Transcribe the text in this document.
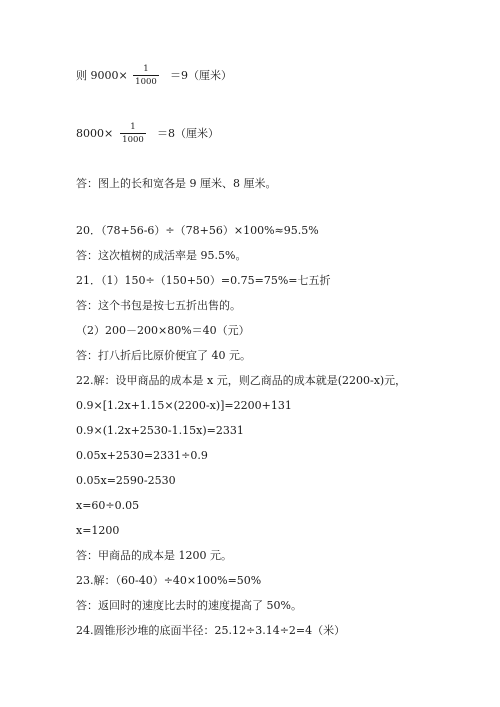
则 9000×	1
1000 ＝9（厘米）
8000×	1
1000 ＝8（厘米）
答：图上的长和宽各是 9 厘米、8 厘米。
20．（78+56-6）÷（78+56）×100%≈95.5%
答：这次植树的成活率是 95.5%。
21．（1）150÷（150+50）=0.75=75%=七五折
答：这个书包是按七五折出售的。
（2）200－200×80%＝40（元）
答：打八折后比原价便宜了 40 元。
22.解：设甲商品的成本是 x 元，则乙商品的成本就是(2200-x)元，
0.9×[1.2x+1.15×(2200-x)]=2200+131
0.9×(1.2x+2530-1.15x)=2331
0.05x+2530=2331÷0.9
0.05x=2590-2530
x=60÷0.05
x=1200
答：甲商品的成本是 1200 元。
23.解：（60-40）÷40×100%=50%
答：返回时的速度比去时的速度提高了 50%。
24.圆锥形沙堆的底面半径：25.12÷3.14÷2=4（米）
